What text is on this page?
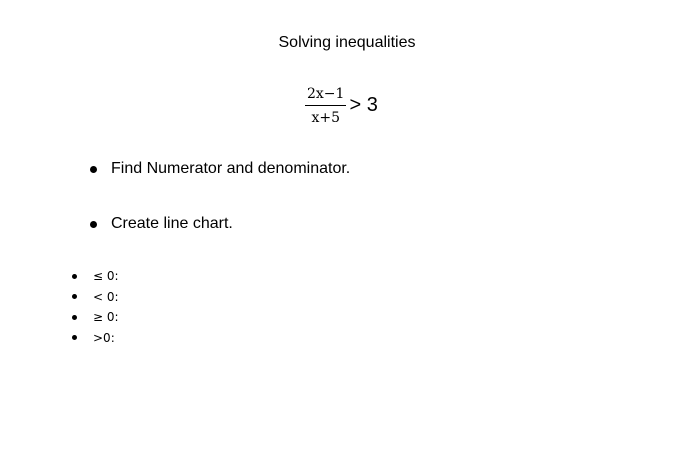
Solving inequalities
$\frac{2x-1}{x+5} > 3$
Find Numerator and denominator.
Create line chart.
≤ 0:
< 0:
≥ 0:
>0:
